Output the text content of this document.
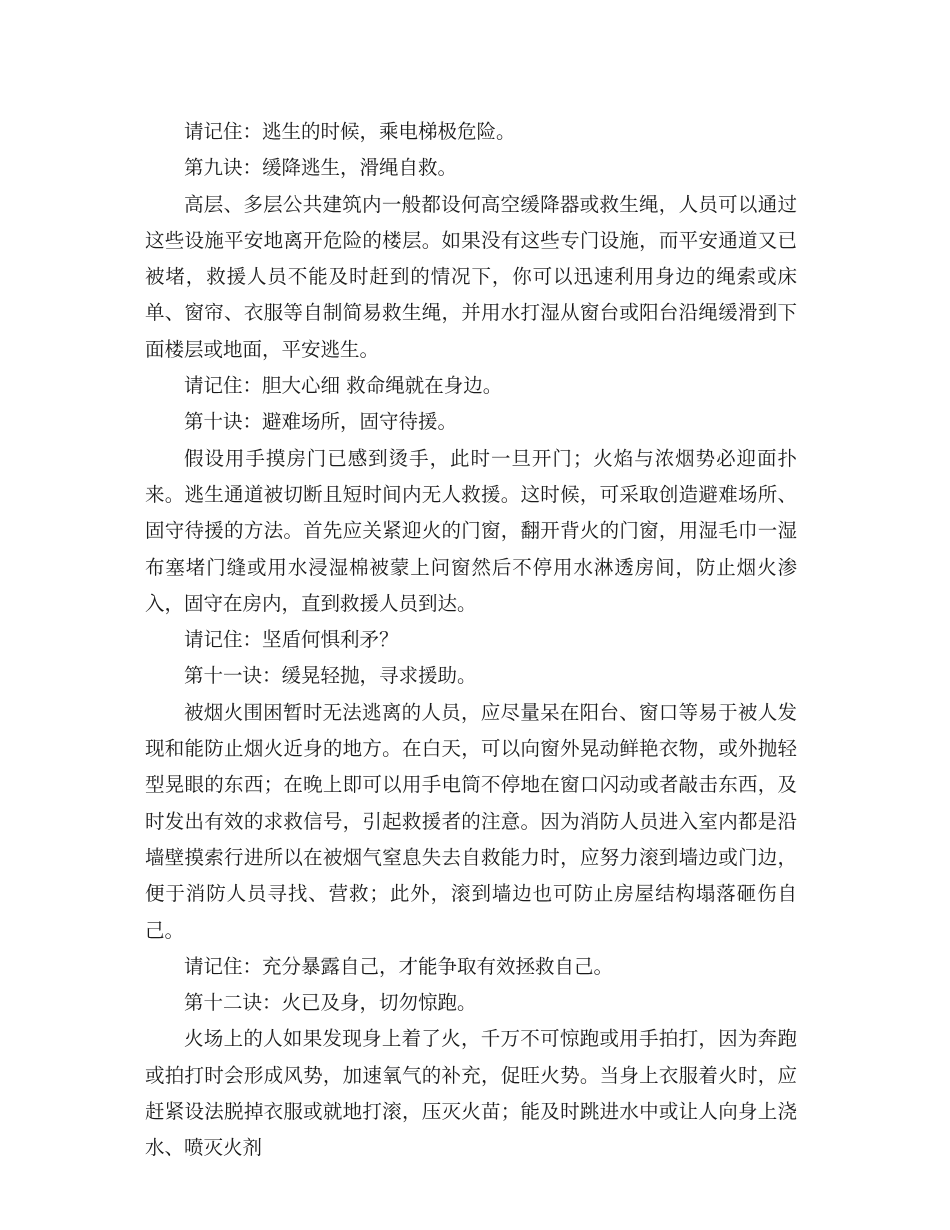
请记住：逃生的时候，乘电梯极危险。

第九诀：缓降逃生，滑绳自救。

高层、多层公共建筑内一般都设何高空缓降器或救生绳，人员可以通过这些设施平安地离开危险的楼层。如果没有这些专门设施，而平安通道又已被堵，救援人员不能及时赶到的情况下，你可以迅速利用身边的绳索或床单、窗帘、衣服等自制简易救生绳，并用水打湿从窗台或阳台沿绳缓滑到下面楼层或地面，平安逃生。

请记住：胆大心细 救命绳就在身边。

第十诀：避难场所，固守待援。

假设用手摸房门已感到烫手，此时一旦开门；火焰与浓烟势必迎面扑来。逃生通道被切断且短时间内无人救援。这时候，可采取创造避难场所、固守待援的方法。首先应关紧迎火的门窗，翻开背火的门窗，用湿毛巾一湿布塞堵门缝或用水浸湿棉被蒙上问窗然后不停用水淋透房间，防止烟火渗入，固守在房内，直到救援人员到达。

请记住：坚盾何惧利矛？

第十一诀：缓晃轻抛，寻求援助。

被烟火围困暂时无法逃离的人员，应尽量呆在阳台、窗口等易于被人发现和能防止烟火近身的地方。在白天，可以向窗外晃动鲜艳衣物，或外抛轻型晃眼的东西；在晚上即可以用手电筒不停地在窗口闪动或者敲击东西，及时发出有效的求救信号，引起救援者的注意。因为消防人员进入室内都是沿墙壁摸索行进所以在被烟气窒息失去自救能力时，应努力滚到墙边或门边，便于消防人员寻找、营救；此外，滚到墙边也可防止房屋结构塌落砸伤自己。

请记住：充分暴露自己，才能争取有效拯救自己。

第十二诀：火已及身，切勿惊跑。

火场上的人如果发现身上着了火，千万不可惊跑或用手拍打，因为奔跑或拍打时会形成风势，加速氧气的补充，促旺火势。当身上衣服着火时，应赶紧设法脱掉衣服或就地打滚，压灭火苗；能及时跳进水中或让人向身上浇水、喷灭火剂
